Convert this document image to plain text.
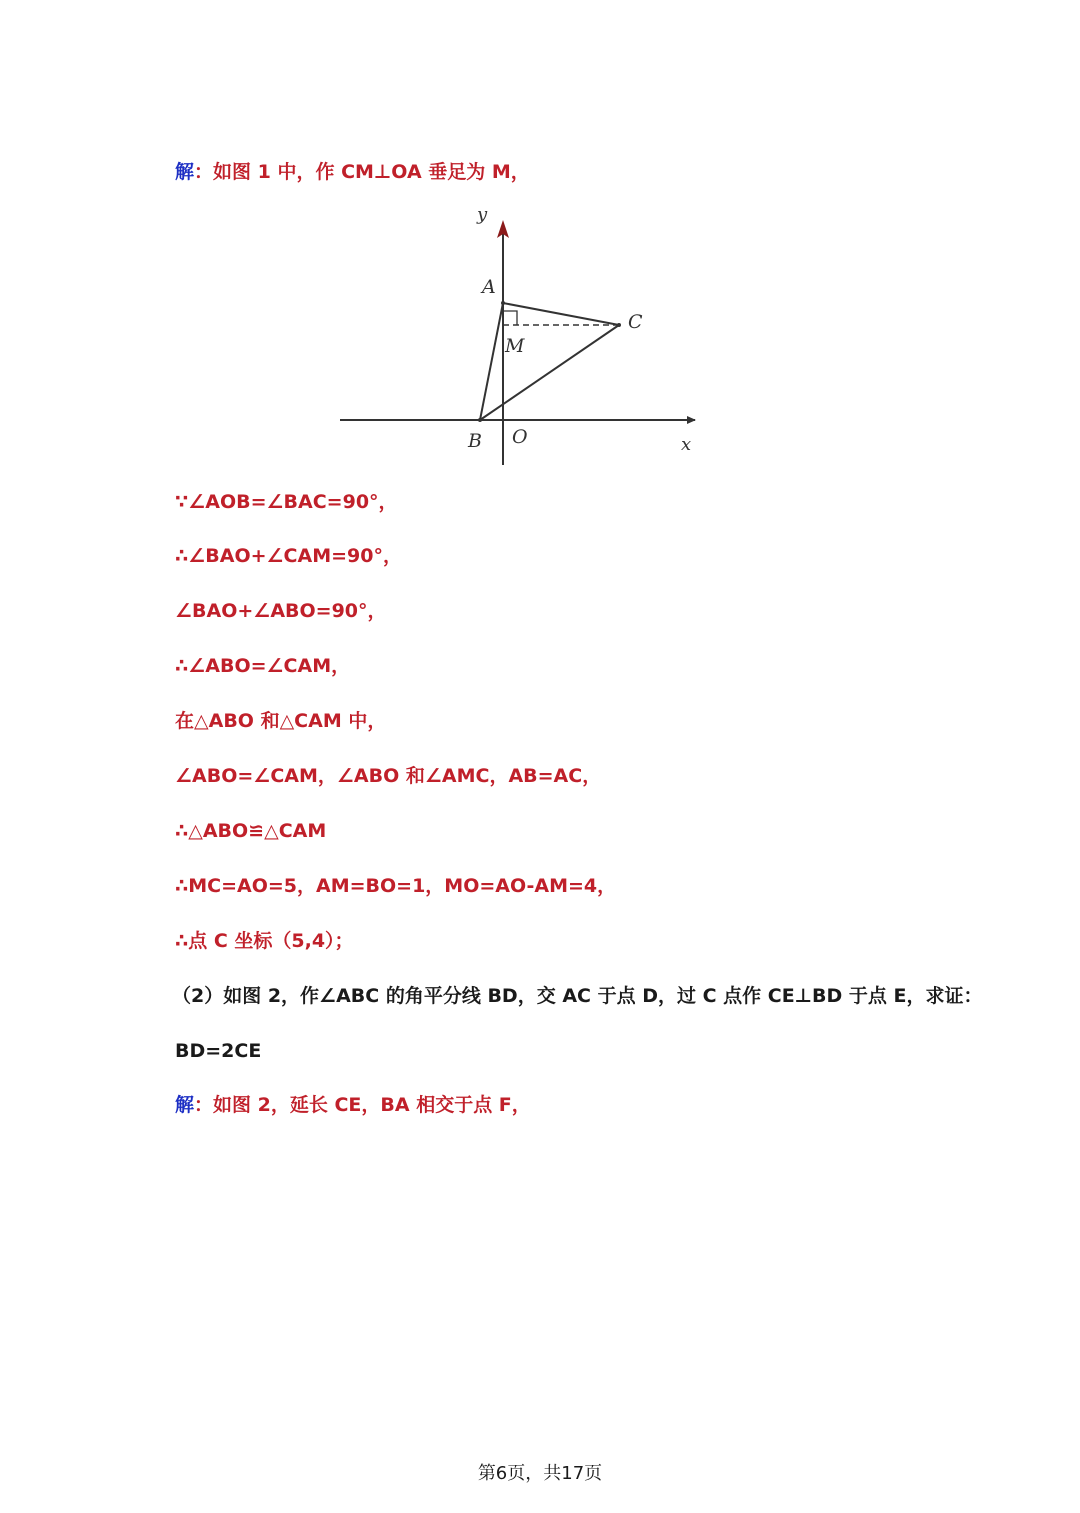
解：如图 1 中，作 CM⊥OA 垂足为 M，
y
x
A
M
C
B O
∵∠AOB=∠BAC=90°，
∴∠BAO+∠CAM=90°，
∠BAO+∠ABO=90°，
∴∠ABO=∠CAM，
在△ABO 和△CAM 中，
∠ABO=∠CAM，∠ABO 和∠AMC，AB=AC，
∴△ABO≌△CAM
∴MC=AO=5，AM=BO=1，MO=AO-AM=4，
∴点 C 坐标（5,4）；
（2）如图 2，作∠ABC 的角平分线 BD，交 AC 于点 D，过 C 点作 CE⊥BD 于点 E，求证：
BD=2CE
解：如图 2，延长 CE，BA 相交于点 F，
第6页，共17页
